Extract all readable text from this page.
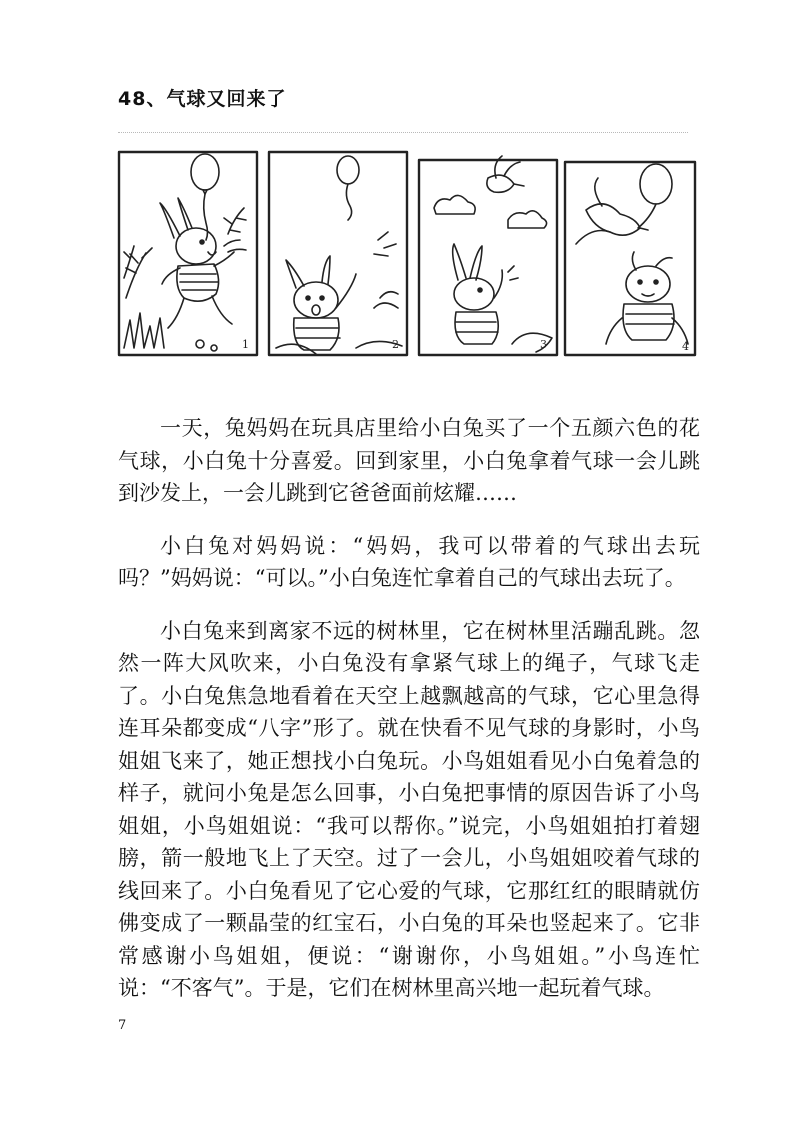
48、气球又回来了
1	2	3	4

一天，兔妈妈在玩具店里给小白兔买了一个五颜六色的花气球，小白兔十分喜爱。回到家里，小白兔拿着气球一会儿跳到沙发上，一会儿跳到它爸爸面前炫耀……

小白兔对妈妈说：“妈妈，我可以带着的气球出去玩吗？”妈妈说：“可以。”小白兔连忙拿着自己的气球出去玩了。

小白兔来到离家不远的树林里，它在树林里活蹦乱跳。忽然一阵大风吹来，小白兔没有拿紧气球上的绳子，气球飞走了。小白兔焦急地看着在天空上越飘越高的气球，它心里急得连耳朵都变成“八字”形了。就在快看不见气球的身影时，小鸟姐姐飞来了，她正想找小白兔玩。小鸟姐姐看见小白兔着急的样子，就问小兔是怎么回事，小白兔把事情的原因告诉了小鸟姐姐，小鸟姐姐说：“我可以帮你。”说完，小鸟姐姐拍打着翅膀，箭一般地飞上了天空。过了一会儿，小鸟姐姐咬着气球的线回来了。小白兔看见了它心爱的气球，它那红红的眼睛就仿佛变成了一颗晶莹的红宝石，小白兔的耳朵也竖起来了。它非常感谢小鸟姐姐，便说：“谢谢你，小鸟姐姐。”小鸟连忙说：“不客气”。于是，它们在树林里高兴地一起玩着气球。

7
